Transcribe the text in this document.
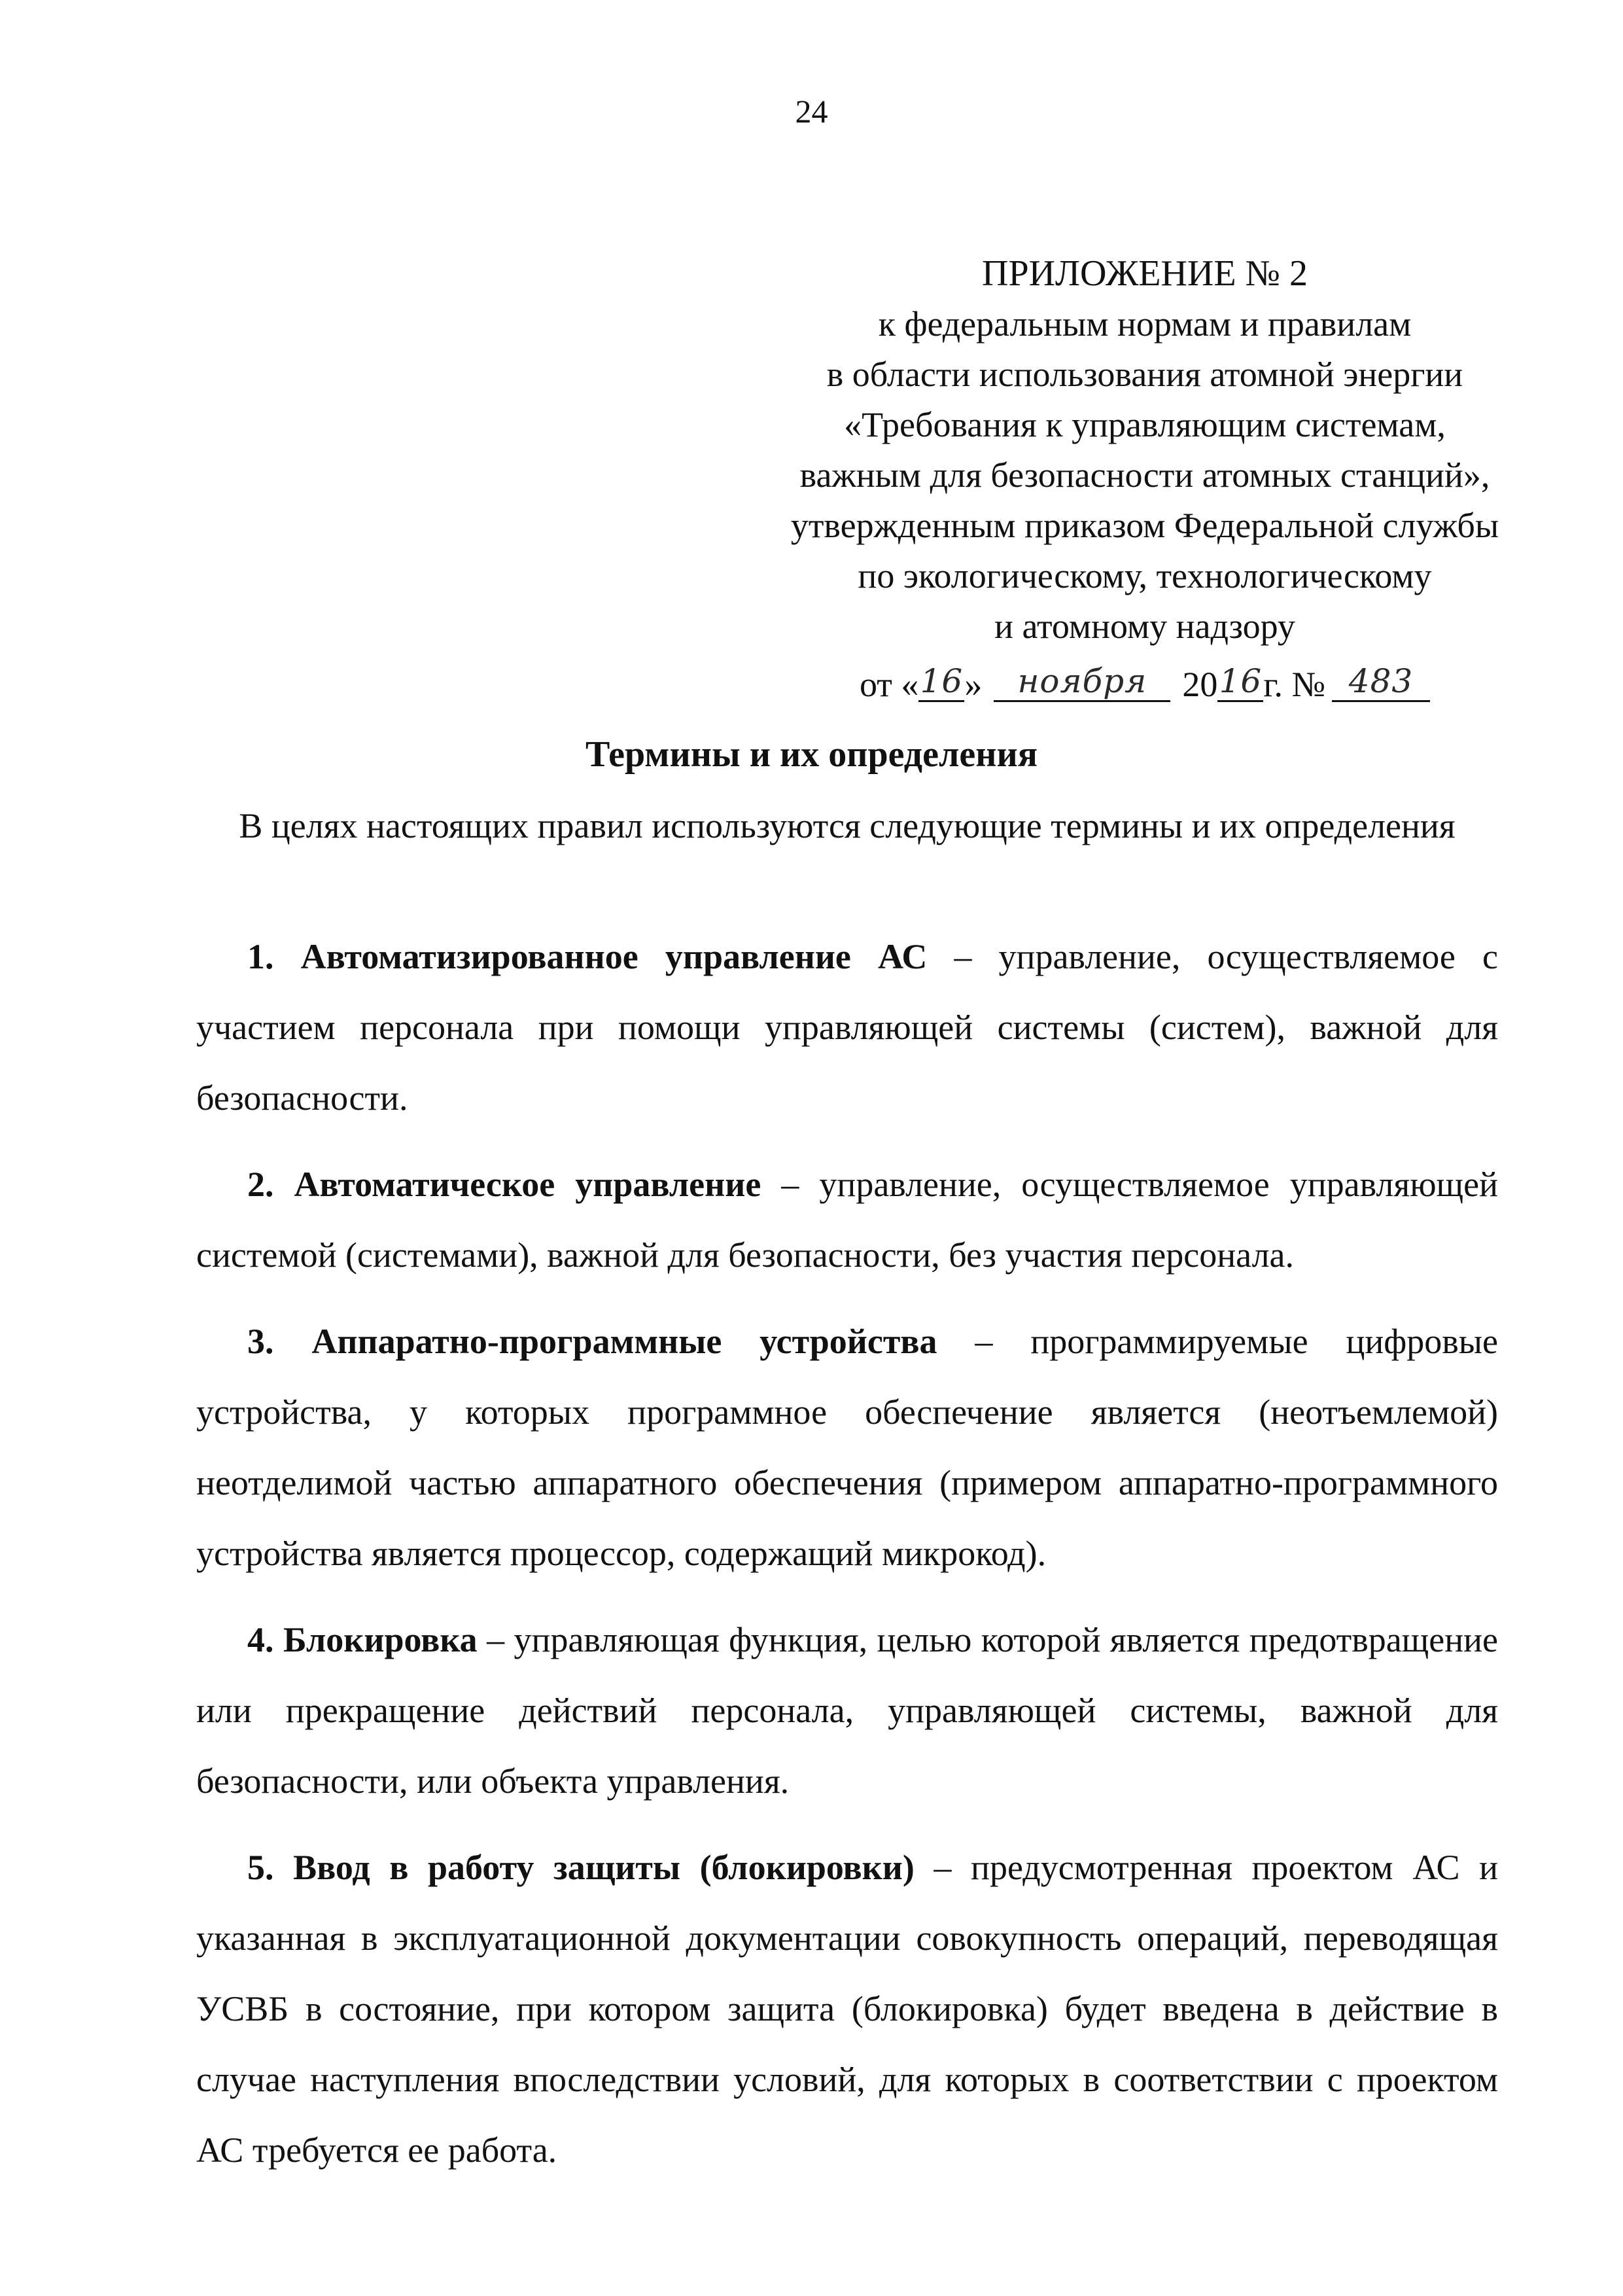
24
ПРИЛОЖЕНИЕ № 2
к федеральным нормам и правилам
в области использования атомной энергии
«Требования к управляющим системам,
важным для безопасности атомных станций»,
утвержденным приказом Федеральной службы
по экологическому, технологическому
и атомному надзору
от «16» ноября 2016г. № 483
Термины и их определения
В целях настоящих правил используются следующие термины и их определения

1. Автоматизированное управление АС – управление, осуществляемое с участием персонала при помощи управляющей системы (систем), важной для безопасности.

2. Автоматическое управление – управление, осуществляемое управляющей системой (системами), важной для безопасности, без участия персонала.

3. Аппаратно-программные устройства – программируемые цифровые устройства, у которых программное обеспечение является (неотъемлемой) неотделимой частью аппаратного обеспечения (примером аппаратно-программного устройства является процессор, содержащий микрокод).

4. Блокировка – управляющая функция, целью которой является предотвращение или прекращение действий персонала, управляющей системы, важной для безопасности, или объекта управления.

5. Ввод в работу защиты (блокировки) – предусмотренная проектом АС и указанная в эксплуатационной документации совокупность операций, переводящая УСВБ в состояние, при котором защита (блокировка) будет введена в действие в случае наступления впоследствии условий, для которых в соответствии с проектом АС требуется ее работа.
